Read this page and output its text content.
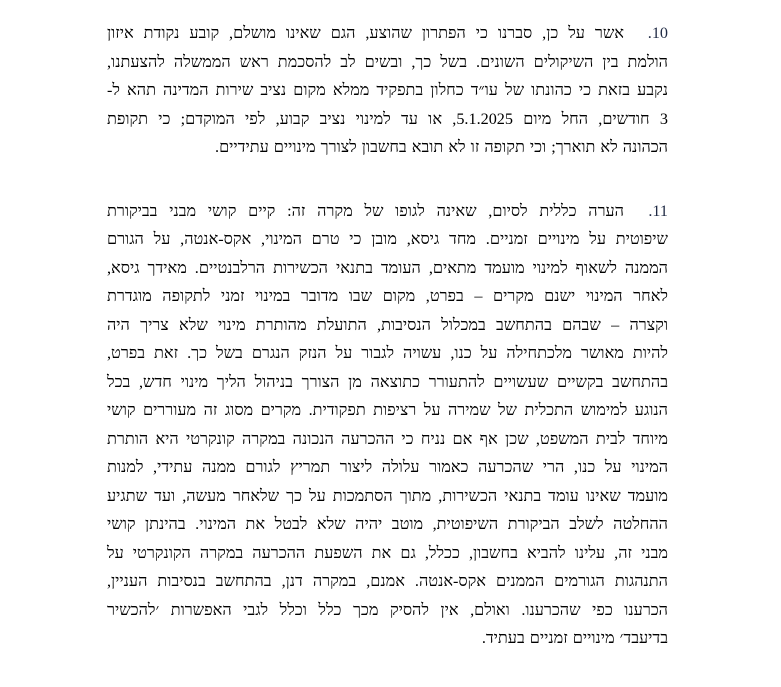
10.אשר על כן, סברנו כי הפתרון שהוצע, הגם שאינו מושלם, קובע נקודת איזון
הולמת בין השיקולים השונים. בשל כך, ובשים לב להסכמת ראש הממשלה להצעתנו,
נקבע בזאת כי כהונתו של עו״ד כחלון בתפקיד ממלא מקום נציב שירות המדינה תהא ל-
3 חודשים, החל מיום 5.1.2025, או עד למינוי נציב קבוע, לפי המוקדם; כי תקופת
הכהונה לא תוארך; וכי תקופה זו לא תובא בחשבון לצורך מינויים עתידיים.

11.הערה כללית לסיום, שאינה לגופו של מקרה זה: קיים קושי מבני בביקורת
שיפוטית על מינויים זמניים. מחד גיסא, מובן כי טרם המינוי, אקס-אנטה, על הגורם
הממנה לשאוף למינוי מועמד מתאים, העומד בתנאי הכשירות הרלבנטיים. מאידך גיסא,
לאחר המינוי ישנם מקרים – בפרט, מקום שבו מדובר במינוי זמני לתקופה מוגדרת
וקצרה – שבהם בהתחשב במכלול הנסיבות, התועלת מהותרת מינוי שלא צריך היה
להיות מאושר מלכתחילה על כנו, עשויה לגבור על הנזק הנגרם בשל כך. זאת בפרט,
בהתחשב בקשיים שעשויים להתעורר כתוצאה מן הצורך בניהול הליך מינוי חדש, בכל
הנוגע למימוש התכלית של שמירה על רציפות תפקודית. מקרים מסוג זה מעוררים קושי
מיוחד לבית המשפט, שכן אף אם נניח כי ההכרעה הנכונה במקרה קונקרטי היא הותרת
המינוי על כנו, הרי שהכרעה כאמור עלולה ליצור תמריץ לגורם ממנה עתידי, למנות
מועמד שאינו עומד בתנאי הכשירות, מתוך הסתמכות על כך שלאחר מעשה, ועד שתגיע
ההחלטה לשלב הביקורת השיפוטית, מוטב יהיה שלא לבטל את המינוי. בהינתן קושי
מבני זה, עלינו להביא בחשבון, ככלל, גם את השפעת ההכרעה במקרה הקונקרטי על
התנהגות הגורמים הממנים אקס-אנטה. אמנם, במקרה דנן, בהתחשב בנסיבות העניין,
הכרענו כפי שהכרענו. ואולם, אין להסיק מכך כלל וכלל לגבי האפשרות ׳להכשיר
בדיעבד׳ מינויים זמניים בעתיד.
